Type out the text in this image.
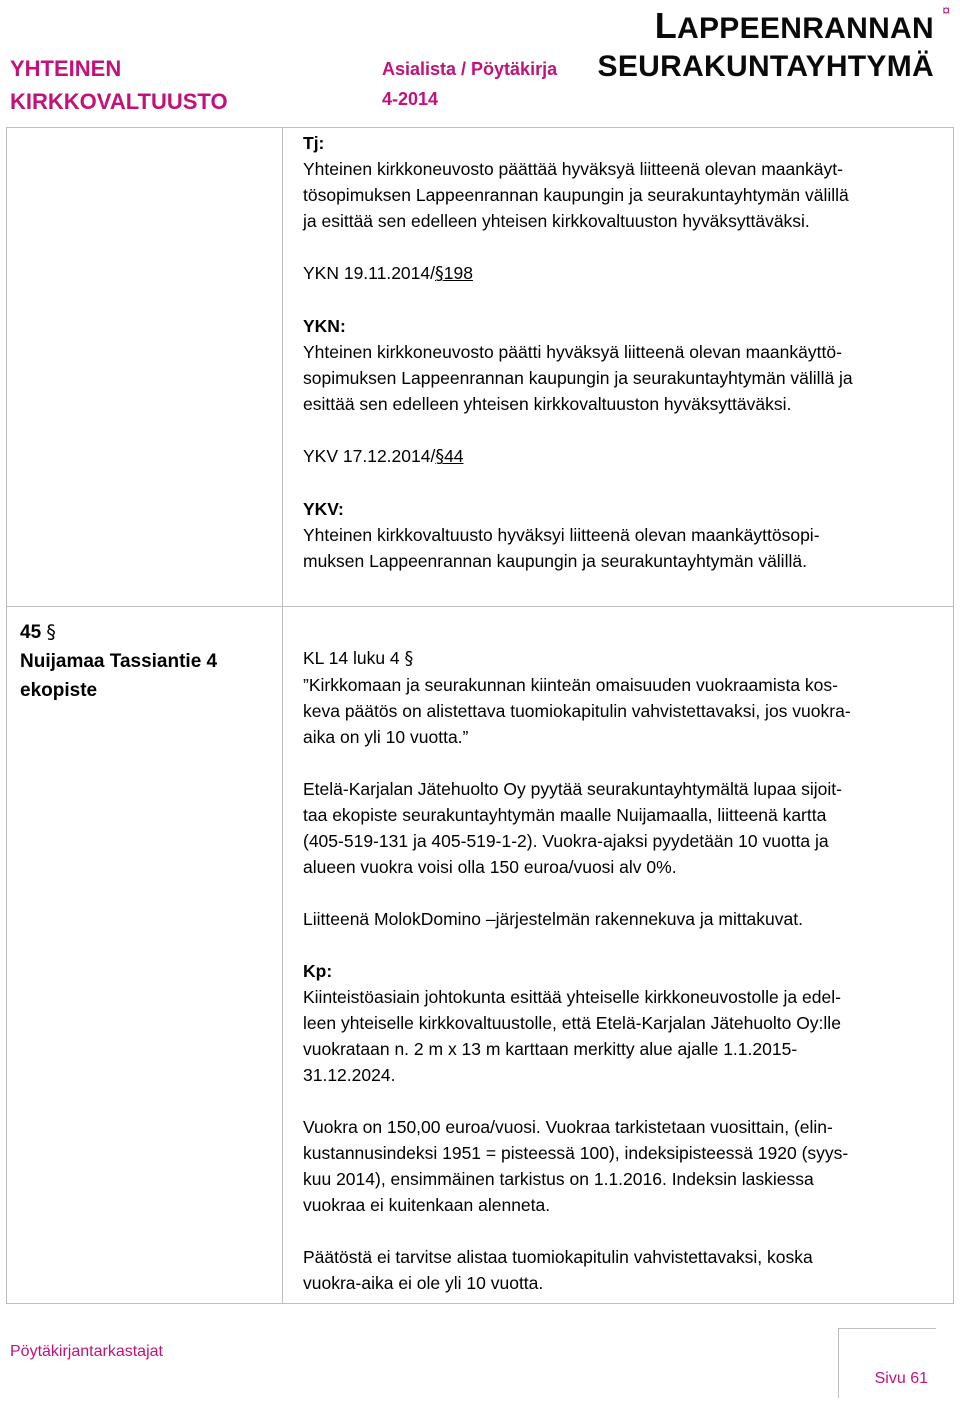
YHTEINEN
KIRKKOVALTUUSTO
Asialista / Pöytäkirja
4-2014
LAPPEENRANNAN
SEURAKUNTAYHTYMÄ
¤

Tj:

Yhteinen kirkkoneuvosto päättää hyväksyä liitteenä olevan maankäyt-

tösopimuksen Lappeenrannan kaupungin ja seurakuntayhtymän välillä

ja esittää sen edelleen yhteisen kirkkovaltuuston hyväksyttäväksi.

YKN 19.11.2014/§198

YKN:

Yhteinen kirkkoneuvosto päätti hyväksyä liitteenä olevan maankäyttö-

sopimuksen Lappeenrannan kaupungin ja seurakuntayhtymän välillä ja

esittää sen edelleen yhteisen kirkkovaltuuston hyväksyttäväksi.

YKV 17.12.2014/§44

YKV:

Yhteinen kirkkovaltuusto hyväksyi liitteenä olevan maankäyttösopi-

muksen Lappeenrannan kaupungin ja seurakuntayhtymän välillä.

45 §
Nuijamaa Tassiantie 4
ekopiste

KL 14 luku 4 §

”Kirkkomaan ja seurakunnan kiinteän omaisuuden vuokraamista kos-

keva päätös on alistettava tuomiokapitulin vahvistettavaksi, jos vuokra-

aika on yli 10 vuotta.”

Etelä-Karjalan Jätehuolto Oy pyytää seurakuntayhtymältä lupaa sijoit-

taa ekopiste seurakuntayhtymän maalle Nuijamaalla, liitteenä kartta

(405-519-131 ja 405-519-1-2). Vuokra-ajaksi pyydetään 10 vuotta ja

alueen vuokra voisi olla 150 euroa/vuosi alv 0%.

Liitteenä MolokDomino –järjestelmän rakennekuva ja mittakuvat.

Kp:

Kiinteistöasiain johtokunta esittää yhteiselle kirkkoneuvostolle ja edel-

leen yhteiselle kirkkovaltuustolle, että Etelä-Karjalan Jätehuolto Oy:lle

vuokrataan n. 2 m x 13 m karttaan merkitty alue ajalle 1.1.2015-

31.12.2024.

Vuokra on 150,00 euroa/vuosi. Vuokraa tarkistetaan vuosittain, (elin-

kustannusindeksi 1951 = pisteessä 100), indeksipisteessä 1920 (syys-

kuu 2014), ensimmäinen tarkistus on 1.1.2016. Indeksin laskiessa

vuokraa ei kuitenkaan alenneta.

Päätöstä ei tarvitse alistaa tuomiokapitulin vahvistettavaksi, koska

vuokra-aika ei ole yli 10 vuotta.

Pöytäkirjantarkastajat
Sivu 61
